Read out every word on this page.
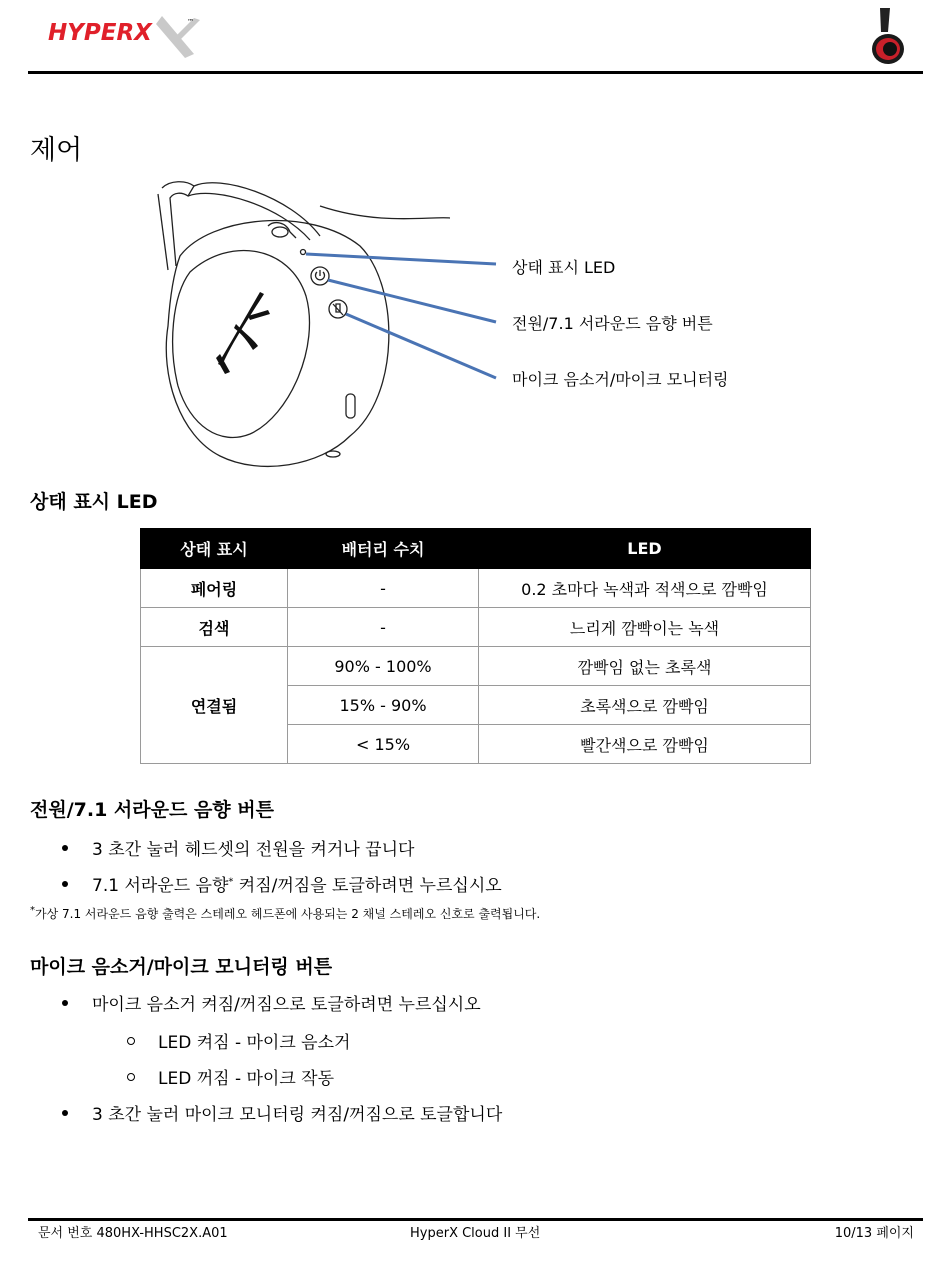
HYPERX	™
제어
상태 표시 LED
전원/7.1 서라운드 음향 버튼
마이크 음소거/마이크 모니터링
상태 표시 LED
상태 표시	배터리 수치	LED
페어링	-	0.2 초마다 녹색과 적색으로 깜빡임
검색	-	느리게 깜빡이는 녹색
연결됨	90% - 100%	깜빡임 없는 초록색
	15% - 90%	초록색으로 깜빡임
	< 15%	빨간색으로 깜빡임
전원/7.1 서라운드 음향 버튼
3 초간 눌러 헤드셋의 전원을 켜거나 끕니다
7.1 서라운드 음향* 켜짐/꺼짐을 토글하려면 누르십시오
*가상 7.1 서라운드 음향 출력은 스테레오 헤드폰에 사용되는 2 채널 스테레오 신호로 출력됩니다.
마이크 음소거/마이크 모니터링 버튼
마이크 음소거 켜짐/꺼짐으로 토글하려면 누르십시오
LED 켜짐 - 마이크 음소거
LED 꺼짐 - 마이크 작동
3 초간 눌러 마이크 모니터링 켜짐/꺼짐으로 토글합니다
문서 번호 480HX-HHSC2X.A01	HyperX Cloud II 무선	10/13 페이지
